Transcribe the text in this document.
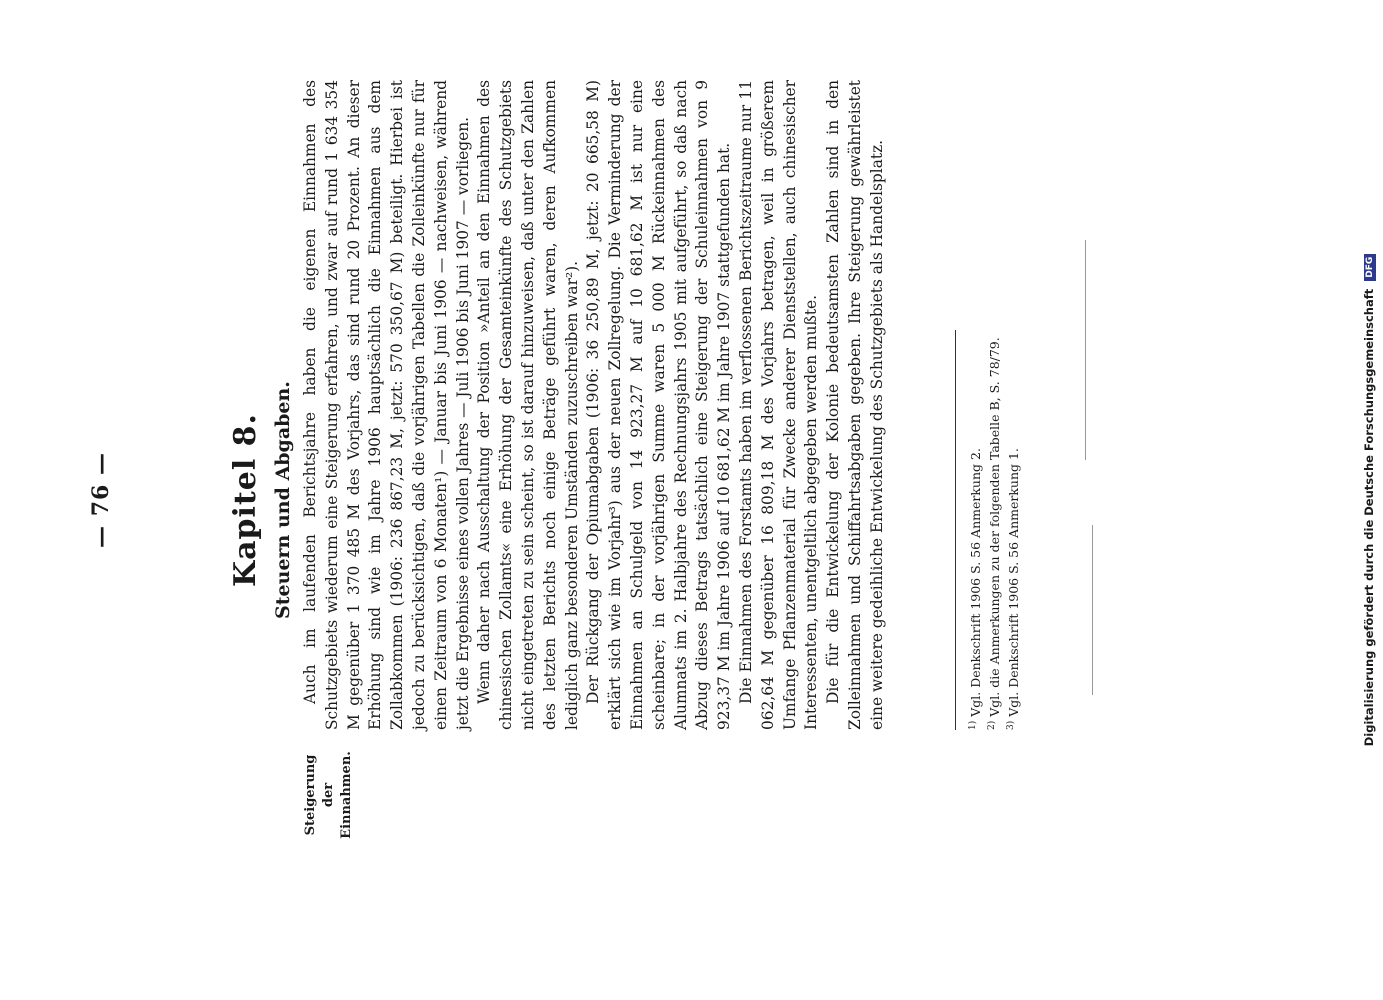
— 76 —	Kapitel 8. Steuern und Abgaben.
Steigerung der Einnahmen.

Auch im laufenden Berichtsjahre haben die eigenen Einnahmen des Schutzgebiets wiederum eine Steigerung erfahren, und zwar auf rund 1 634 354 M gegenüber 1 370 485 M des Vorjahrs, das sind rund 20 Prozent. An dieser Erhöhung sind wie im Jahre 1906 hauptsächlich die Einnahmen aus dem Zollabkommen (1906: 236 867,23 M, jetzt: 570 350,67 M) beteiligt. Hierbei ist jedoch zu berücksichtigen, daß die vorjährigen Tabellen die Zolleinkünfte nur für einen Zeitraum von 6 Monaten¹) — Januar bis Juni 1906 — nachweisen, während jetzt die Ergebnisse eines vollen Jahres — Juli 1906 bis Juni 1907 — vorliegen. Wenn daher nach Ausschaltung der Position »Anteil an den Einnahmen des chinesischen Zollamts« eine Erhöhung der Gesamteinkünfte des Schutzgebiets nicht eingetreten zu sein scheint, so ist darauf hinzuweisen, daß unter den Zahlen des letzten Berichts noch einige Beträge geführt waren, deren Aufkommen lediglich ganz besonderen Umständen zuzuschreiben war²). Der Rückgang der Opiumabgaben (1906: 36 250,89 M, jetzt: 20 665,58 M) erklärt sich wie im Vorjahr³) aus der neuen Zollregelung. Die Verminderung der Einnahmen an Schulgeld von 14 923,27 M auf 10 681,62 M ist nur eine scheinbare; in der vorjährigen Summe waren 5 000 M Rückeinnahmen des Alumnats im 2. Halbjahre des Rechnungsjahrs 1905 mit aufgeführt, so daß nach Abzug dieses Betrags tatsächlich eine Steigerung der Schuleinnahmen von 9 923,37 M im Jahre 1906 auf 10 681,62 M im Jahre 1907 stattgefunden hat. Die Einnahmen des Forstamts haben im verflossenen Berichtszeitraume nur 11 062,64 M gegenüber 16 809,18 M des Vorjahrs betragen, weil in größerem Umfange Pflanzenmaterial für Zwecke anderer Dienststellen, auch chinesischer Interessenten, unentgeltlich abgegeben werden mußte. Die für die Entwickelung der Kolonie bedeutsamsten Zahlen sind in den Zolleinnahmen und Schiffahrtsabgaben gegeben. Ihre Steigerung gewährleistet eine weitere gedeihliche Entwickelung des Schutzgebiets als Handelsplatz.	$^{1)}$ Vgl. Denkschrift 1906 S. 56 Anmerkung 2.

$^{2)}$ Vgl. die Anmerkungen zu der folgenden Tabelle B, S. 78/79.

$^{3)}$ Vgl. Denkschrift 1906 S. 56 Anmerkung 1.	Digitalisierung gefördert durch die Deutsche Forschungsgemeinschaft DFG
